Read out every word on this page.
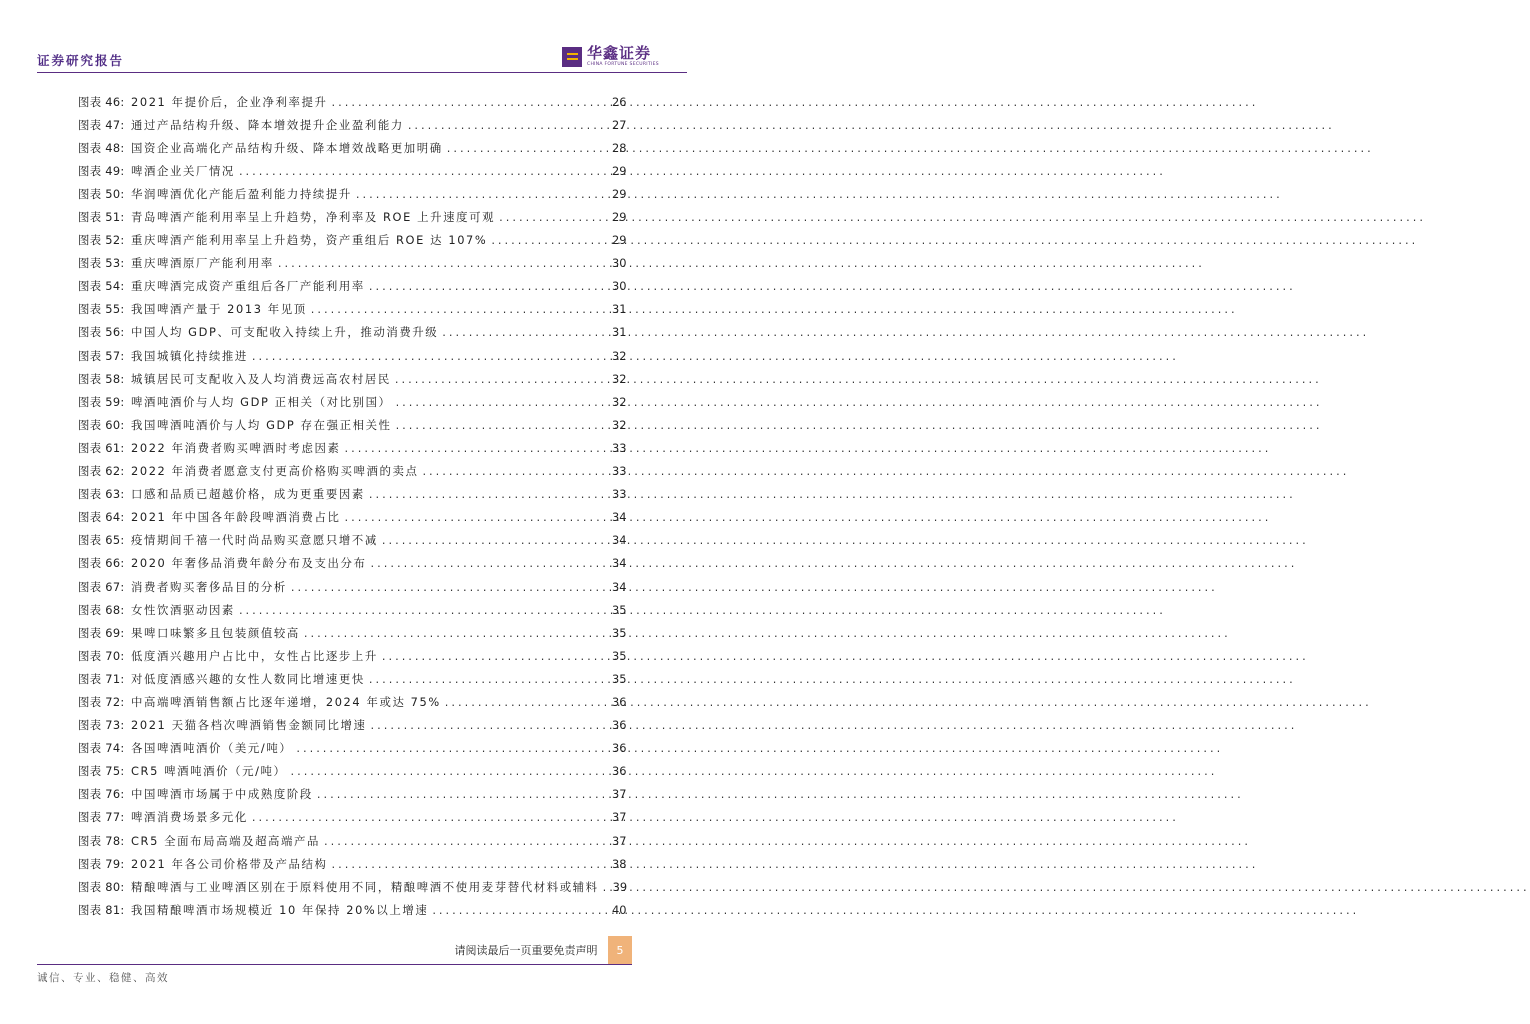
证券研究报告	华鑫证券
CHINA FORTUNE SECURITIES
图表 46: 2021 年提价后，企业净利率提升 .....	26
图表 47: 通过产品结构升级、降本增效提升企业盈利能力 .....	27
图表 48: 国资企业高端化产品结构升级、降本增效战略更加明确 .....	28
图表 49: 啤酒企业关厂情况 .....	29
图表 50: 华润啤酒优化产能后盈利能力持续提升 .....	29
图表 51: 青岛啤酒产能利用率呈上升趋势，净利率及 ROE 上升速度可观 .....	29
图表 52: 重庆啤酒产能利用率呈上升趋势，资产重组后 ROE 达 107% .....	29
图表 53: 重庆啤酒原厂产能利用率 .....	30
图表 54: 重庆啤酒完成资产重组后各厂产能利用率 .....	30
图表 55: 我国啤酒产量于 2013 年见顶 .....	31
图表 56: 中国人均 GDP、可支配收入持续上升，推动消费升级 .....	31
图表 57: 我国城镇化持续推进 .....	32
图表 58: 城镇居民可支配收入及人均消费远高农村居民 .....	32
图表 59: 啤酒吨酒价与人均 GDP 正相关（对比别国） .....	32
图表 60: 我国啤酒吨酒价与人均 GDP 存在强正相关性 .....	32
图表 61: 2022 年消费者购买啤酒时考虑因素 .....	33
图表 62: 2022 年消费者愿意支付更高价格购买啤酒的卖点 .....	33
图表 63: 口感和品质已超越价格，成为更重要因素 .....	33
图表 64: 2021 年中国各年龄段啤酒消费占比 .....	34
图表 65: 疫情期间千禧一代时尚品购买意愿只增不减 .....	34
图表 66: 2020 年奢侈品消费年龄分布及支出分布 .....	34
图表 67: 消费者购买奢侈品目的分析 .....	34
图表 68: 女性饮酒驱动因素 .....	35
图表 69: 果啤口味繁多且包装颜值较高 .....	35
图表 70: 低度酒兴趣用户占比中，女性占比逐步上升 .....	35
图表 71: 对低度酒感兴趣的女性人数同比增速更快 .....	35
图表 72: 中高端啤酒销售额占比逐年递增，2024 年或达 75% .....	36
图表 73: 2021 天猫各档次啤酒销售金额同比增速 .....	36
图表 74: 各国啤酒吨酒价（美元/吨） .....	36
图表 75: CR5 啤酒吨酒价（元/吨） .....	36
图表 76: 中国啤酒市场属于中成熟度阶段 .....	37
图表 77: 啤酒消费场景多元化 .....	37
图表 78: CR5 全面布局高端及超高端产品 .....	37
图表 79: 2021 年各公司价格带及产品结构 .....	38
图表 80: 精酿啤酒与工业啤酒区别在于原料使用不同，精酿啤酒不使用麦芽替代材料或辅料 ..... 39
图表 81: 我国精酿啤酒市场规模近 10 年保持 20%以上增速 .....	40
请阅读最后一页重要免责声明	5
诚信、专业、稳健、高效
